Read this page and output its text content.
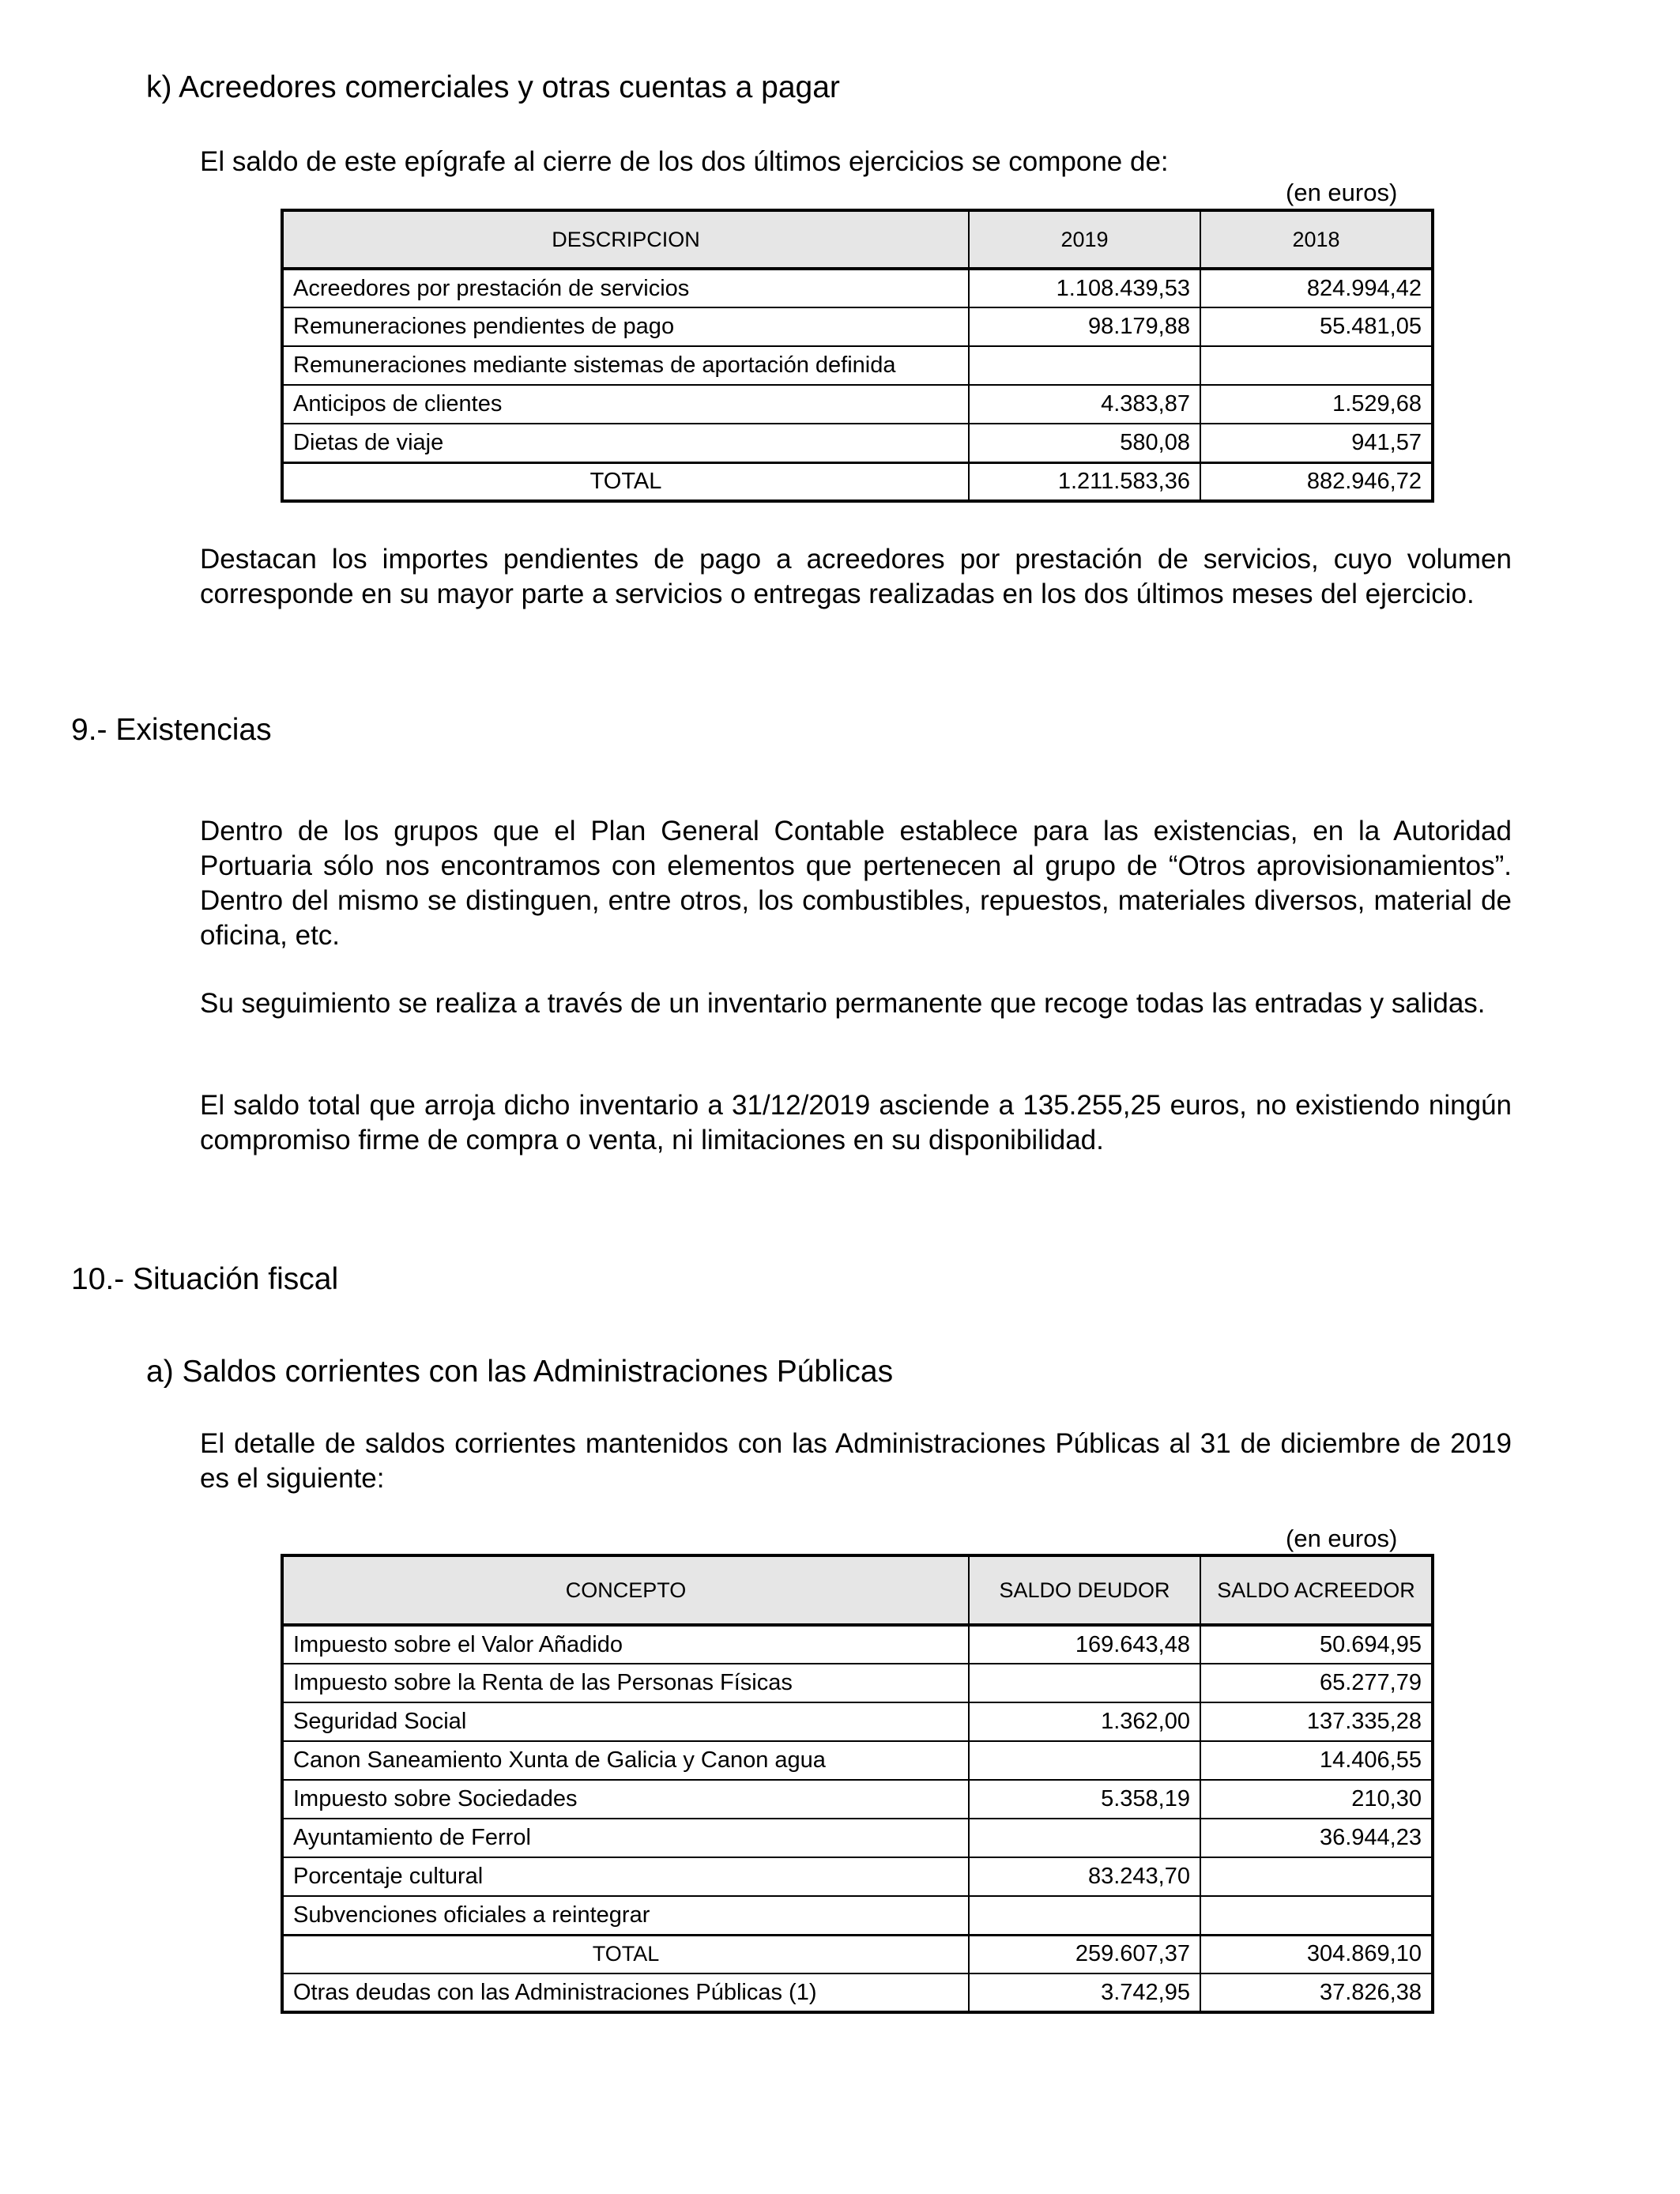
k) Acreedores comerciales y otras cuentas a pagar
El saldo de este epígrafe al cierre de los dos últimos ejercicios se compone de:
(en euros)
DESCRIPCION	2019	2018
Acreedores por prestación de servicios	1.108.439,53	824.994,42
Remuneraciones pendientes de pago	98.179,88	55.481,05
Remuneraciones mediante sistemas de aportación definida		
Anticipos de clientes	4.383,87	1.529,68
Dietas de viaje	580,08	941,57
TOTAL	1.211.583,36	882.946,72
Destacan los importes pendientes de pago a acreedores por prestación de servicios, cuyo volumen corresponde en su mayor parte a servicios o entregas realizadas en los dos últimos meses del ejercicio.
9.- Existencias
Dentro de los grupos que el Plan General Contable establece para las existencias, en la Autoridad Portuaria sólo nos encontramos con elementos que pertenecen al grupo de “Otros aprovisionamientos”. Dentro del mismo se distinguen, entre otros, los combustibles, repuestos, materiales diversos, material de oficina, etc.
Su seguimiento se realiza a través de un inventario permanente que recoge todas las entradas y salidas.
El saldo total que arroja dicho inventario a 31/12/2019 asciende a 135.255,25 euros, no existiendo ningún compromiso firme de compra o venta, ni limitaciones en su disponibilidad.
10.- Situación fiscal
a) Saldos corrientes con las Administraciones Públicas
El detalle de saldos corrientes mantenidos con las Administraciones Públicas al 31 de diciembre de 2019 es el siguiente:
(en euros)
CONCEPTO	SALDO DEUDOR	SALDO ACREEDOR
Impuesto sobre el Valor Añadido	169.643,48	50.694,95
Impuesto sobre la Renta de las Personas Físicas		65.277,79
Seguridad Social	1.362,00	137.335,28
Canon Saneamiento Xunta de Galicia y Canon agua		14.406,55
Impuesto sobre Sociedades	5.358,19	210,30
Ayuntamiento de Ferrol		36.944,23
Porcentaje cultural	83.243,70	
Subvenciones oficiales a reintegrar		
TOTAL	259.607,37	304.869,10
Otras deudas con las Administraciones Públicas (1)	3.742,95	37.826,38
